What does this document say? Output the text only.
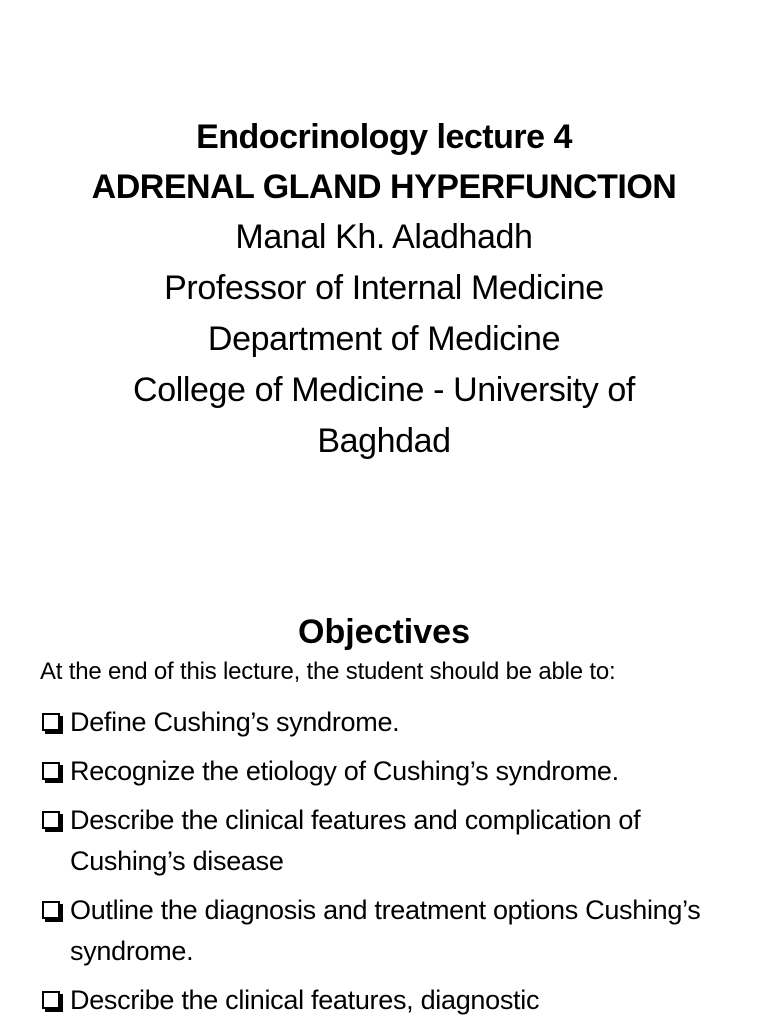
Endocrinology lecture 4
ADRENAL GLAND HYPERFUNCTION
Manal Kh. Aladhadh
Professor of Internal Medicine
Department of Medicine
College of Medicine - University of
Baghdad
Objectives
At the end of this lecture, the student should be able to:
Define Cushing’s syndrome.
Recognize the etiology of Cushing’s syndrome.
Describe the clinical features and complication of Cushing’s disease
Outline the diagnosis and treatment options Cushing’s syndrome.
Describe the clinical features, diagnostic
